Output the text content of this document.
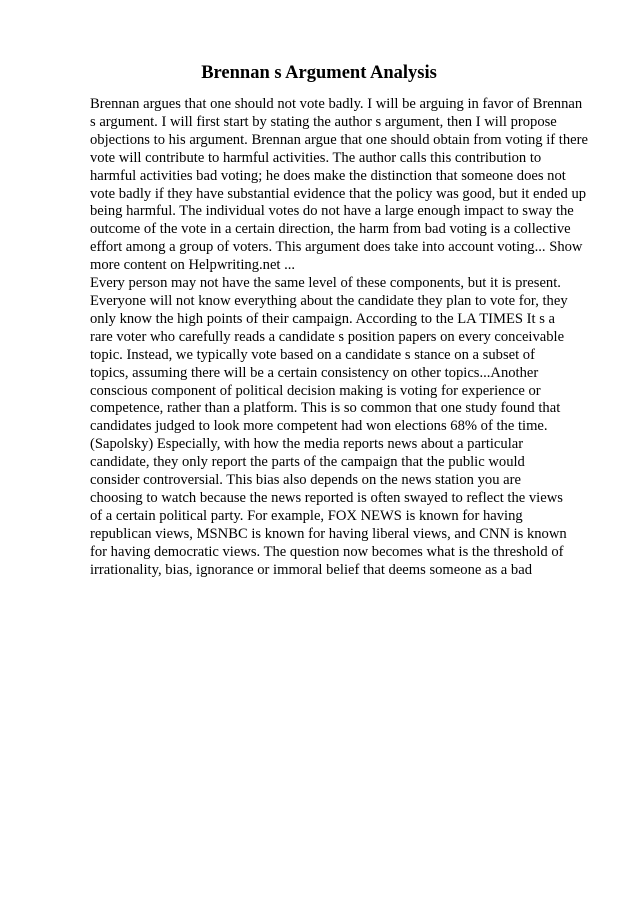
Brennan s Argument Analysis
Brennan argues that one should not vote badly. I will be arguing in favor of Brennan
s argument. I will first start by stating the author s argument, then I will propose
objections to his argument. Brennan argue that one should obtain from voting if there
vote will contribute to harmful activities. The author calls this contribution to
harmful activities bad voting; he does make the distinction that someone does not
vote badly if they have substantial evidence that the policy was good, but it ended up
being harmful. The individual votes do not have a large enough impact to sway the
outcome of the vote in a certain direction, the harm from bad voting is a collective
effort among a group of voters. This argument does take into account voting... Show
more content on Helpwriting.net ...
Every person may not have the same level of these components, but it is present.
Everyone will not know everything about the candidate they plan to vote for, they
only know the high points of their campaign. According to the LA TIMES It s a
rare voter who carefully reads a candidate s position papers on every conceivable
topic. Instead, we typically vote based on a candidate s stance on a subset of
topics, assuming there will be a certain consistency on other topics...Another
conscious component of political decision making is voting for experience or
competence, rather than a platform. This is so common that one study found that
candidates judged to look more competent had won elections 68% of the time.
(Sapolsky) Especially, with how the media reports news about a particular
candidate, they only report the parts of the campaign that the public would
consider controversial. This bias also depends on the news station you are
choosing to watch because the news reported is often swayed to reflect the views
of a certain political party. For example, FOX NEWS is known for having
republican views, MSNBC is known for having liberal views, and CNN is known
for having democratic views. The question now becomes what is the threshold of
irrationality, bias, ignorance or immoral belief that deems someone as a bad
